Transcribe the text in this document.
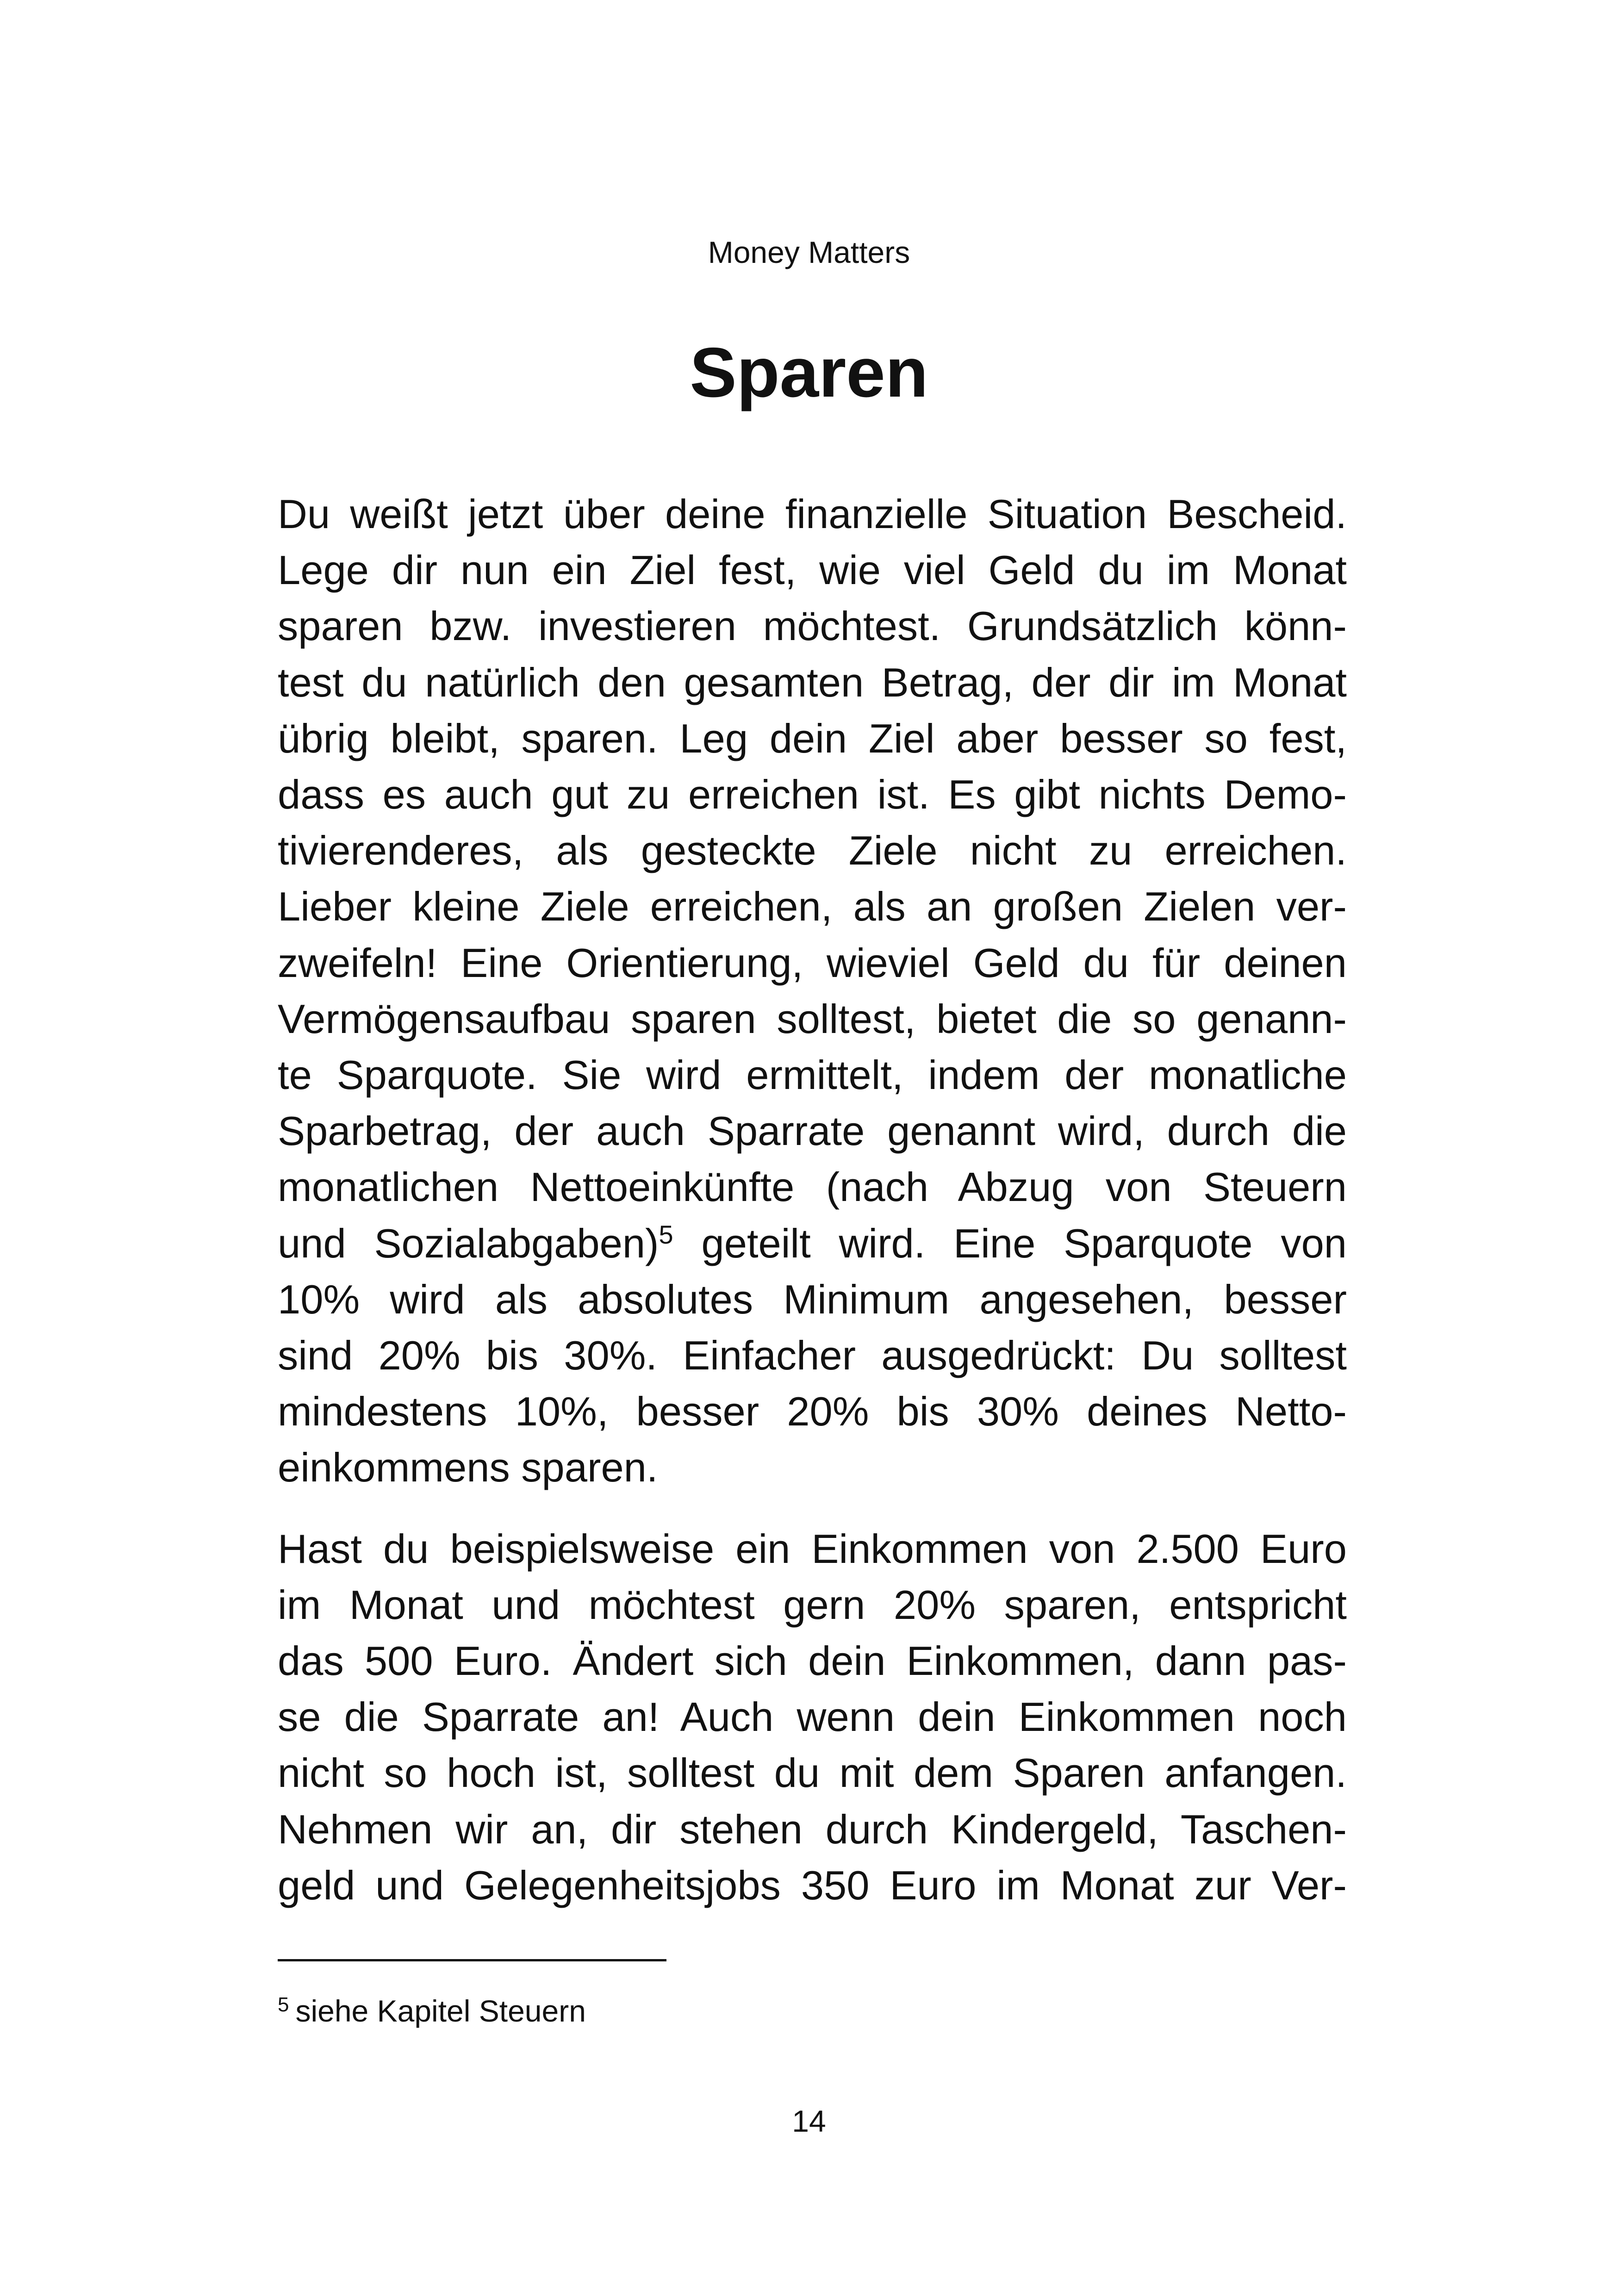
Money Matters
Sparen

Du weißt jetzt über deine finanzielle Situation Bescheid.
Lege dir nun ein Ziel fest, wie viel Geld du im Monat
sparen bzw. investieren möchtest. Grundsätzlich könn-
test du natürlich den gesamten Betrag, der dir im Monat
übrig bleibt, sparen. Leg dein Ziel aber besser so fest,
dass es auch gut zu erreichen ist. Es gibt nichts Demo-
tivierenderes, als gesteckte Ziele nicht zu erreichen.
Lieber kleine Ziele erreichen, als an großen Zielen ver-
zweifeln! Eine Orientierung, wieviel Geld du für deinen
Vermögensaufbau sparen solltest, bietet die so genann-
te Sparquote. Sie wird ermittelt, indem der monatliche
Sparbetrag, der auch Sparrate genannt wird, durch die
monatlichen Nettoeinkünfte (nach Abzug von Steuern
und Sozialabgaben)$^5$ geteilt wird. Eine Sparquote von
10% wird als absolutes Minimum angesehen, besser
sind 20% bis 30%. Einfacher ausgedrückt: Du solltest
mindestens 10%, besser 20% bis 30% deines Netto-
einkommens sparen.

Hast du beispielsweise ein Einkommen von 2.500 Euro
im Monat und möchtest gern 20% sparen, entspricht
das 500 Euro. Ändert sich dein Einkommen, dann pas-
se die Sparrate an! Auch wenn dein Einkommen noch
nicht so hoch ist, solltest du mit dem Sparen anfangen.
Nehmen wir an, dir stehen durch Kindergeld, Taschen-
geld und Gelegenheitsjobs 350 Euro im Monat zur Ver-

$^5$ siehe Kapitel Steuern
14
